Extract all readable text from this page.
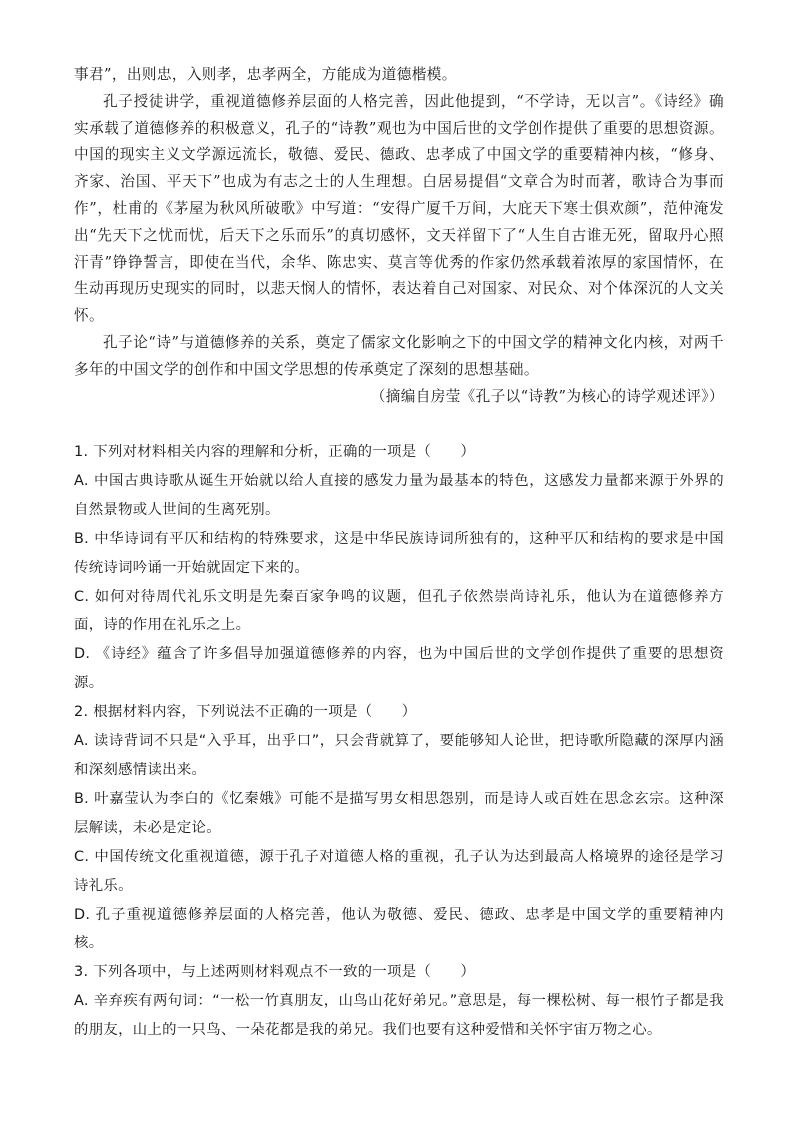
事君”，出则忠，入则孝，忠孝两全，方能成为道德楷模。

孔子授徒讲学，重视道德修养层面的人格完善，因此他提到，“不学诗，无以言”。《诗经》确实承载了道德修养的积极意义，孔子的“诗教”观也为中国后世的文学创作提供了重要的思想资源。中国的现实主义文学源远流长，敬德、爱民、德政、忠孝成了中国文学的重要精神内核，“修身、齐家、治国、平天下”也成为有志之士的人生理想。白居易提倡“文章合为时而著，歌诗合为事而作”，杜甫的《茅屋为秋风所破歌》中写道：“安得广厦千万间，大庇天下寒士俱欢颜”，范仲淹发出“先天下之忧而忧，后天下之乐而乐”的真切感怀，文天祥留下了“人生自古谁无死，留取丹心照汗青”铮铮誓言，即使在当代，余华、陈忠实、莫言等优秀的作家仍然承载着浓厚的家国情怀，在生动再现历史现实的同时，以悲天悯人的情怀，表达着自己对国家、对民众、对个体深沉的人文关怀。

孔子论“诗”与道德修养的关系，奠定了儒家文化影响之下的中国文学的精神文化内核，对两千多年的中国文学的创作和中国文学思想的传承奠定了深刻的思想基础。

（摘编自房莹《孔子以“诗教”为核心的诗学观述评》）

1. 下列对材料相关内容的理解和分析，正确的一项是（　　）

A. 中国古典诗歌从诞生开始就以给人直接的感发力量为最基本的特色，这感发力量都来源于外界的自然景物或人世间的生离死别。

B. 中华诗词有平仄和结构的特殊要求，这是中华民族诗词所独有的，这种平仄和结构的要求是中国传统诗词吟诵一开始就固定下来的。

C. 如何对待周代礼乐文明是先秦百家争鸣的议题，但孔子依然崇尚诗礼乐，他认为在道德修养方面，诗的作用在礼乐之上。

D. 《诗经》蕴含了许多倡导加强道德修养的内容，也为中国后世的文学创作提供了重要的思想资源。

2. 根据材料内容，下列说法不正确的一项是（　　）

A. 读诗背词不只是“入乎耳，出乎口”，只会背就算了，要能够知人论世，把诗歌所隐藏的深厚内涵和深刻感情读出来。

B. 叶嘉莹认为李白的《忆秦娥》可能不是描写男女相思怨别，而是诗人或百姓在思念玄宗。这种深层解读，未必是定论。

C. 中国传统文化重视道德，源于孔子对道德人格的重视，孔子认为达到最高人格境界的途径是学习诗礼乐。

D. 孔子重视道德修养层面的人格完善，他认为敬德、爱民、德政、忠孝是中国文学的重要精神内核。

3. 下列各项中，与上述两则材料观点不一致的一项是（　　）

A. 辛弃疾有两句词：“一松一竹真朋友，山鸟山花好弟兄。”意思是，每一棵松树、每一根竹子都是我的朋友，山上的一只鸟、一朵花都是我的弟兄。我们也要有这种爱惜和关怀宇宙万物之心。
